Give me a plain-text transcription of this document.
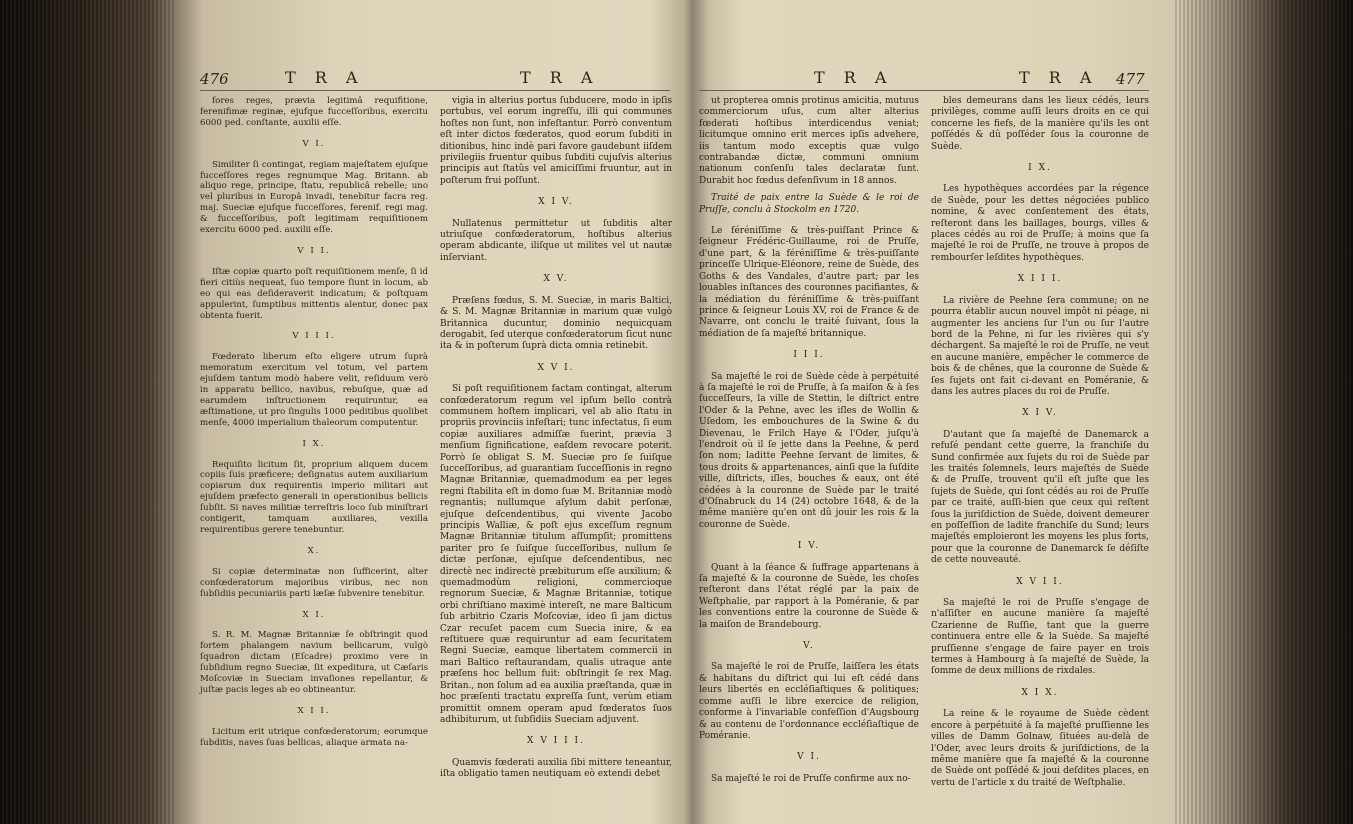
476	T R A	T R A

fores reges, prævia legitimâ requifitione, ferenifimæ reginæ, ejufque fucceſſoribus, exercitu 6000 ped. conſtante, auxilii eſſe.

V I.

Similiter ſi contingat, regiam majeſtatem ejuſque fucceſſores reges regnumque Mag. Britann. ab aliquo rege, principe, ſtatu, republicâ rebelle; uno vel pluribus in Europâ invadi, tenebitur facra reg. maj. Sueciæ ejufque fucceſſores, ferenif. regi mag. & fucceſſoribus, poſt legitimam requiſitionem exercitu 6000 ped. auxilii eſſe.

V I I.

Iſtæ copiæ quarto poſt requiſitionem menſe, ſi id fieri citiùs nequeat, ſuo tempore ſiunt in locum, ab eo qui eas deſideraverit indicatum; & poſtquam appulerint, ſumptibus mittentis alentur, donec pax obtenta fuerit.

V I I I.

Fœderato liberum eſto eligere utrum ſuprà memoratum exercitum vel totum, vel partem ejuſdem tantum modò habere velit, reſiduum verò in apparatu bellico, navibus, rebuſque, quæ ad earumdem inſtructionem requiruntur, ea æſtimatione, ut pro ſingulis 1000 peditibus quolibet menſe, 4000 imperialium thaleorum computentur.

I X.

Requiſito licitum ſit, proprium aliquem ducem copiis ſuis præficere; deſignatus autem auxiliarium copiarum dux requirentis imperio militari aut ejuſdem præfecto generali in operationibus bellicis ſubſit. Si naves militiæ terreſtris loco ſub miniſtrari contigerit, tamquam auxiliares, vexilla requirentibus gerere tenebuntur.

X.

Si copiæ determinatæ non ſufficerint, alter confœderatorum majoribus viribus, nec non ſubſidiis pecuniariis parti læſæ ſubvenire tenebitur.

X I.

S. R. M. Magnæ Britanniæ ſe obſtringit quod fortem phalangem navium bellicarum, vulgò ſquadron dictam (Eſcadre) proximo vere in ſubſidium regno Sueciæ, ſit expeditura, ut Cæſaris Moſcoviæ in Sueciam invaſiones repellantur, & juſtæ pacis leges ab eo obtineantur.

X I I.

Licitum erit utrique confœderatorum; eorumque ſubditis, naves ſuas bellicas, aliaque armata na-

vigia in alterius portus ſubducere, modo in ipſis portubus, vel eorum ingreſſu, illi qui communes hoſtes non ſunt, non infeſtantur. Porrò conventum eſt inter dictos fœderatos, quod eorum ſubditi in ditionibus, hinc indè pari favore gaudebunt iiſdem privilegiis fruentur quibus ſubditi cujuſvis alterius principis aut ſtatûs vel amiciſſimi fruuntur, aut in poſterum frui poſſunt.

X I V.

Nullatenus permittetur ut ſubditis alter utriuſque confœderatorum, hoſtibus alterius operam abdicante, iliſque ut milites vel ut nautæ inſerviant.

X V.

Præſens fœdus, S. M. Sueciæ, in maris Baltici, & S. M. Magnæ Britanniæ in marium quæ vulgò Britannica ducuntur, dominio nequicquam derogabit, ſed uterque confœderatorum ſicut nunc ita & in poſterum ſuprà dicta omnia retinebit.

X V I.

Si poſt requiſitionem factam contingat, alterum confœderatorum regum vel ipſum bello contrà communem hoſtem implicari, vel ab alio ſtatu in propriis provinciis infeſtari; tunc infectatus, ſi eum copiæ auxiliares admiſſæ fuerint, prævia 3 menſium ſignificatione, eaſdem revocare poterit. Porrò ſe obligat S. M. Sueciæ pro ſe ſuiſque ſucceſſoribus, ad guarantiam ſucceſſionis in regno Magnæ Britanniæ, quemadmodum ea per leges regni ſtabilita eſt in domo ſuæ M. Britanniæ modò regnantis; nullumque aſylum dabit perſonæ, ejuſque deſcendentibus, qui vivente Jacobo principis Walliæ, & poſt ejus exceſſum regnum Magnæ Britanniæ titulum aſſumpſit; promittens pariter pro ſe ſuiſque ſucceſſoribus, nullum ſe dictæ perſonæ, ejuſque deſcendentibus, nec directè nec indirectè præbiturum eſſe auxilium; & quemadmodùm religioni, commercioque regnorum Sueciæ, & Magnæ Britanniæ, totique orbi chriſtiano maximè intereſt, ne mare Balticum ſub arbitrio Czaris Moſcoviæ, ideo ſi jam dictus Czar recuſet pacem cum Suecia inire, & ea reſtituere quæ requiruntur ad eam ſecuritatem Regni Sueciæ, eamque libertatem commercii in mari Baltico reſtaurandam, qualis utraque ante præſens hoc bellum fuit: obſtringit ſe rex Mag. Britan., non ſolum ad ea auxilia præſtanda, quæ in hoc præſenti tractatu expreſſa ſunt, verùm etiam promittit omnem operam apud fœderatos ſuos adhibiturum, ut ſubſidiis Sueciam adjuvent.

X V I I I.

Quamvis fœderati auxilia ſibi mittere teneantur, iſta obligatio tamen neutiquam eò extendi debet

T R A	T R A 477

ut propterea omnis protinus amicitia, mutuus commerciorum uſus, cum alter alterius fœderati hoſtibus interdicendus veniat; licitumque omnino erit merces ipſis advehere, iis tantum modo exceptis quæ vulgo contrabandæ dictæ, communi omnium nationum conſenſu tales declaratæ ſunt. Durabit hoc fœdus defenſivum in 18 annos.

Traité de paix entre la Suède & le roi de Pruſſe, conclu à Stockolm en 1720.

Le féréniſſime & très-puiſſant Prince & ſeigneur Frédéric-Guillaume, roi de Pruſſe, d'une part, & la féréniſſime & très-puiſſante princeſſe Ulrique-Eléonore, reine de Suède, des Goths & des Vandales, d'autre part; par les louables inſtances des couronnes pacifiantes, & la médiation du féréniſſime & très-puiſſant prince & ſeigneur Louis XV, roi de France & de Navarre, ont conclu le traité ſuivant, ſous la médiation de ſa majeſté britannique.

I I I.

Sa majeſté le roi de Suède cède à perpétuité à ſa majeſté le roi de Pruſſe, à ſa maiſon & à ſes ſucceſſeurs, la ville de Stettin, le diſtrict entre l'Oder & la Pehne, avec les iſles de Wollin & Uſedom, les embouchures de la Swine & du Dievenau, le Frilch Haye & l'Oder, juſqu'à l'endroit où il ſe jette dans la Peehne, & perd ſon nom; laditte Peehne ſervant de limites, & tous droits & appartenances, ainſi que la ſuſdite ville, diſtricts, iſles, bouches & eaux, ont été cédées à la couronne de Suède par le traité d'Oſnabruck du 14 (24) octobre 1648, & de la même manière qu'en ont dû jouir les rois & la couronne de Suède.

I V.

Quant à la ſéance & ſuffrage appartenans à ſa majeſté & la couronne de Suède, les choſes reſteront dans l'état réglé par la paix de Weſtphalie, par rapport à la Poméranie, & par les conventions entre la couronne de Suède & la maiſon de Brandebourg.

V.

Sa majeſté le roi de Pruſſe, laiſſera les états & habitans du diſtrict qui lui eſt cédé dans leurs libertés en eccléſiaſtiques & politiques; comme auſſi le libre exercice de religion, conforme à l'invariable confeſſion d'Augsbourg & au contenu de l'ordonnance eccléſiaſtique de Poméranie.

V I.

Sa majeſté le roi de Pruſſe confirme aux no-

bles demeurans dans les lieux cédés, leurs privilèges, comme auſſi leurs droits en ce qui concerne les fiefs, de la manière qu'ils les ont poſſédés & dû poſſéder ſous la couronne de Suède.

I X.

Les hypothèques accordées par la régence de Suède, pour les dettes négociées publico nomine, & avec conſentement des états, reſteront dans les baillages, bourgs, villes & places cédés au roi de Pruſſe; à moins que ſa majeſté le roi de Pruſſe, ne trouve à propos de rembourſer leſdites hypothèques.

X I I I.

La rivière de Peehne ſera commune; on ne pourra établir aucun nouvel impôt ni péage, ni augmenter les anciens ſur l'un ou ſur l'autre bord de la Pehne, ni ſur les rivières qui s'y déchargent. Sa majeſté le roi de Pruſſe, ne veut en aucune manière, empêcher le commerce de bois & de chênes, que la couronne de Suède & ſes ſujets ont fait ci-devant en Poméranie, & dans les autres places du roi de Pruſſe.

X I V.

D'autant que ſa majeſté de Danemarck a refuſé pendant cette guerre, la franchiſe du Sund confirmée aux ſujets du roi de Suède par les traités ſolemnels, leurs majeſtés de Suède & de Pruſſe, trouvent qu'il eſt juſte que les ſujets de Suède, qui ſont cédés au roi de Pruſſe par ce traité, auſſi-bien que ceux qui reſtent ſous la juriſdiction de Suède, doivent demeurer en poſſeſſion de ladite franchiſe du Sund; leurs majeſtés emploieront les moyens les plus forts, pour que la couronne de Danemarck ſe déſiſte de cette nouveauté.

X V I I.

Sa majeſté le roi de Pruſſe s'engage de n'aſſiſter en aucune manière ſa majeſté Czarienne de Ruſſie, tant que la guerre continuera entre elle & la Suède. Sa majeſté pruſſienne s'engage de faire payer en trois termes à Hambourg à ſa majeſté de Suède, la ſomme de deux millions de rixdales.

X I X.

La reine & le royaume de Suède cèdent encore à perpétuité à ſa majeſté pruſſienne les villes de Damm Golnaw, ſituées au-delà de l'Oder, avec leurs droits & juriſdictions, de la même manière que ſa majeſté & la couronne de Suède ont poſſédé & joui deſdites places, en vertu de l'article x du traité de Weſtphalie.
